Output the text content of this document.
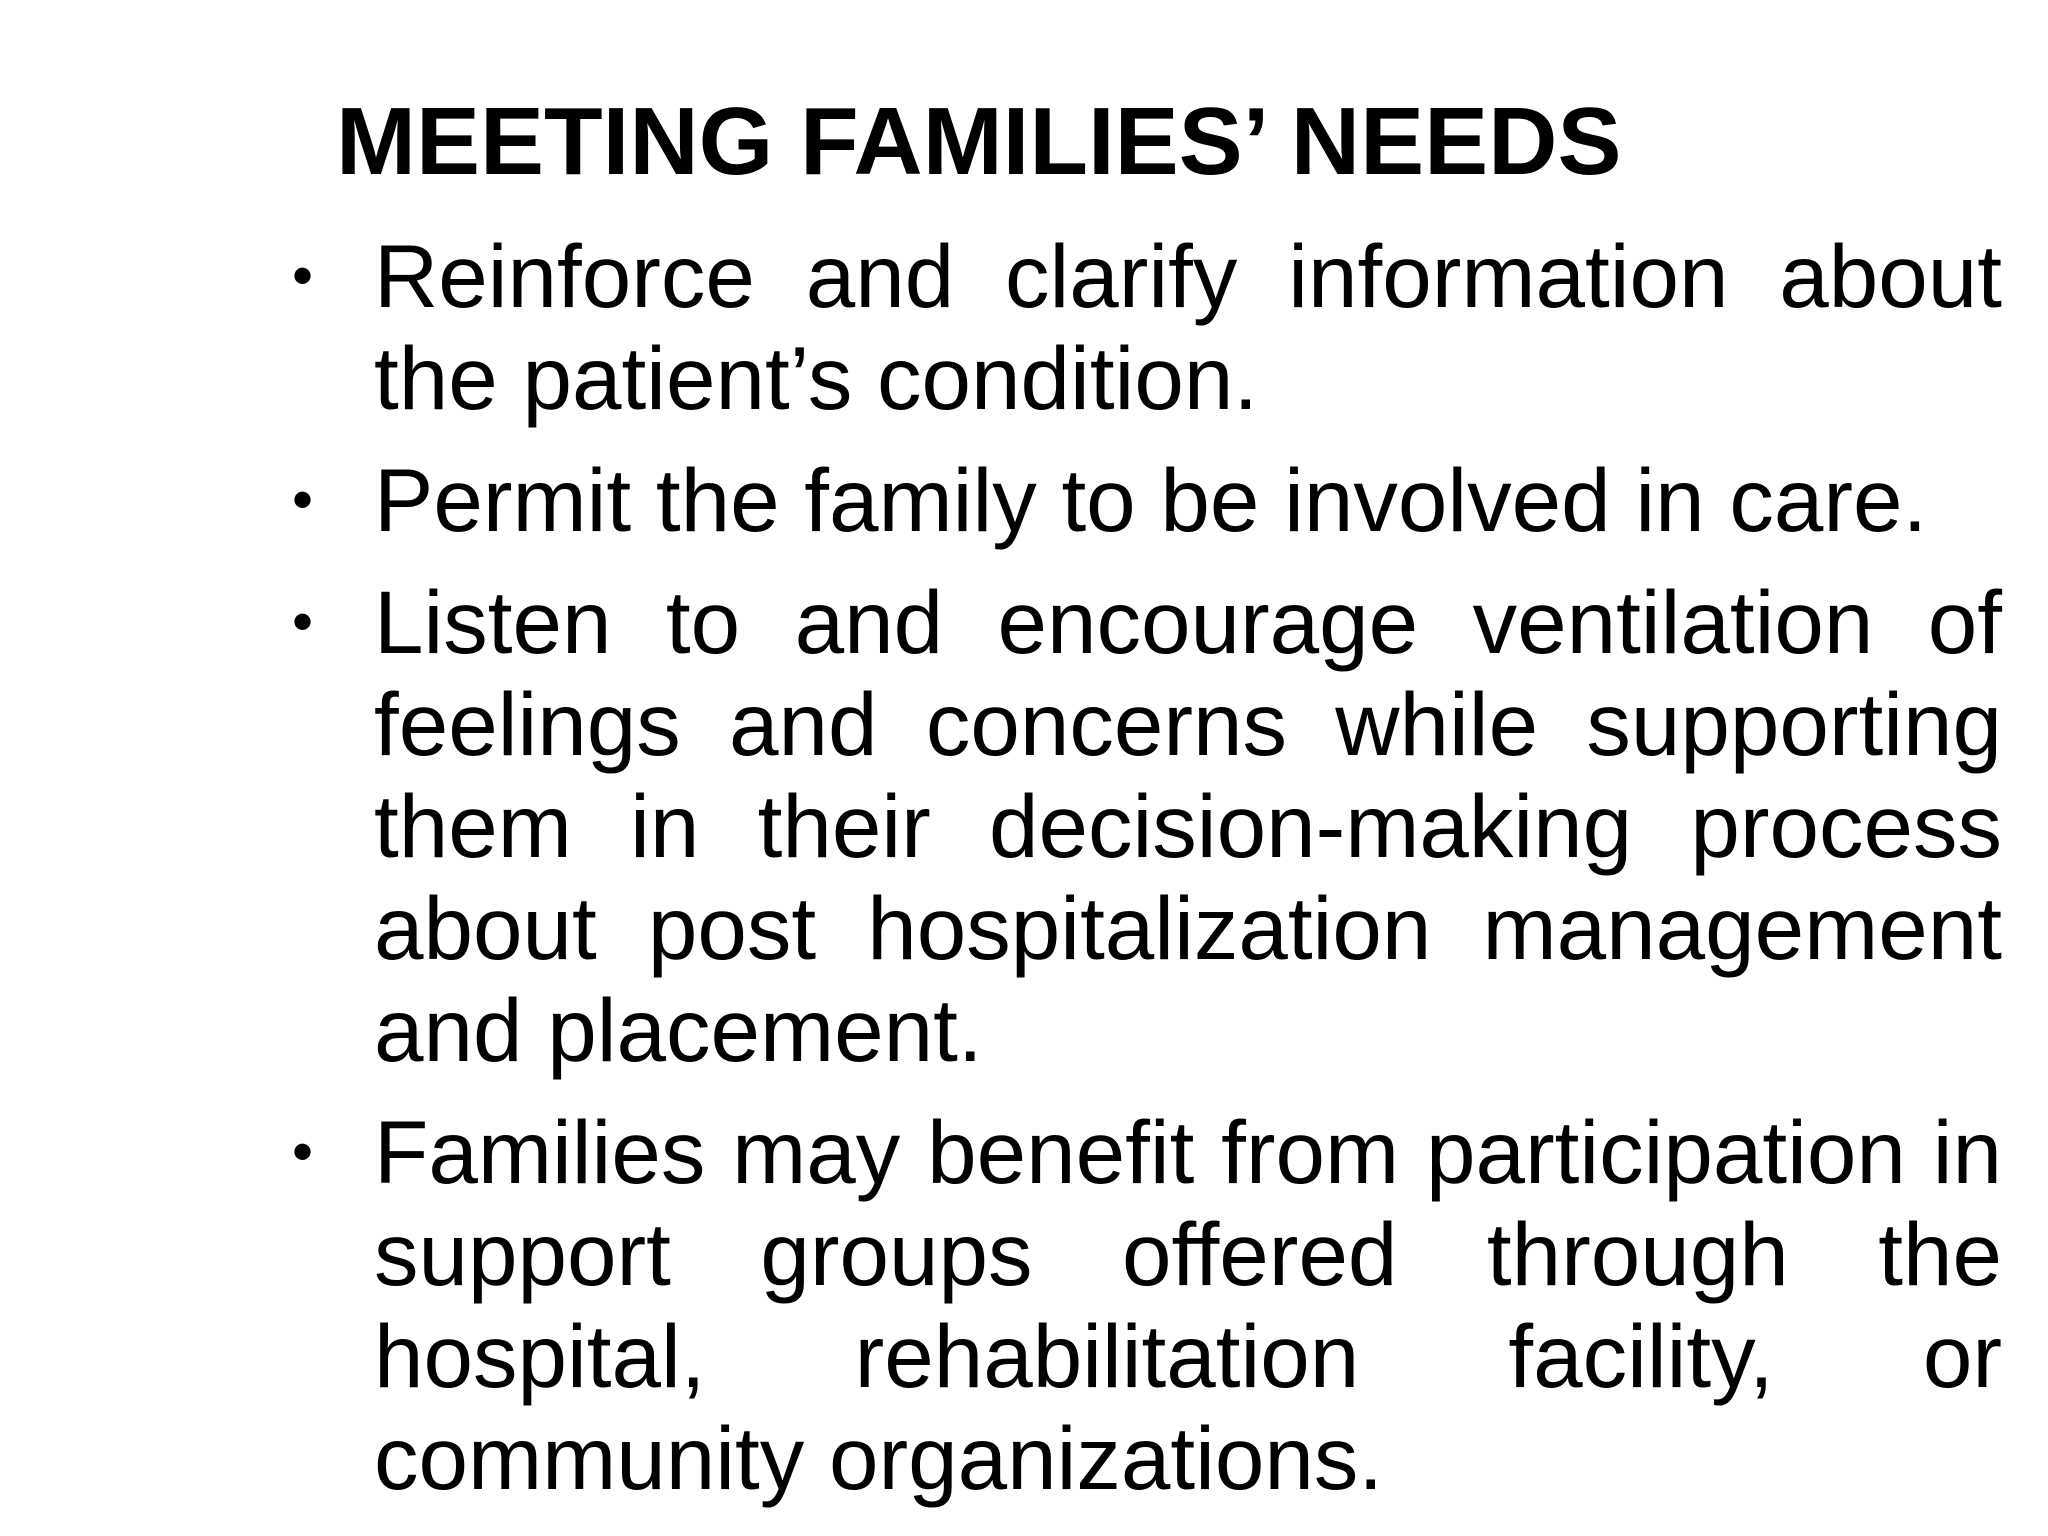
MEETING FAMILIES’ NEEDS
• Reinforce and clarify information about the patient’s condition.
• Permit the family to be involved in care.
• Listen to and encourage ventilation of feelings and concerns while supporting them in their decision-making process about post hospitalization management and placement.
• Families may benefit from participation in support groups offered through the hospital, rehabilitation facility, or community organizations.
